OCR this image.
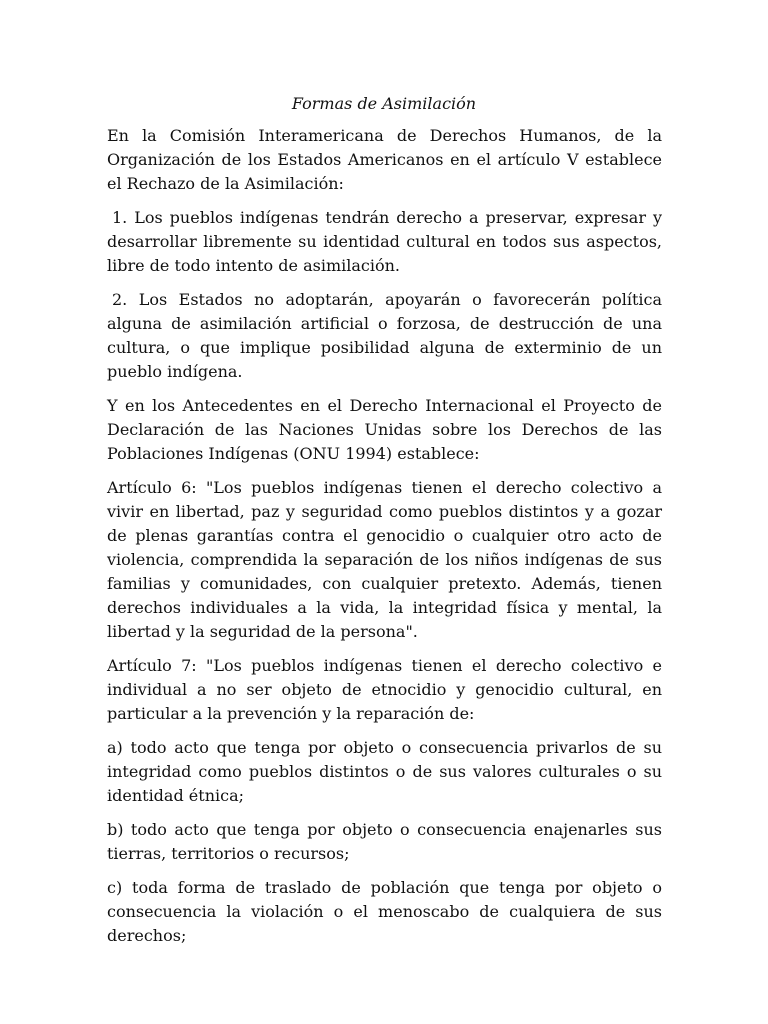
Formas de Asimilación

En la Comisión Interamericana de Derechos Humanos, de la Organización de los Estados Americanos en el artículo V establece el Rechazo de la Asimilación:

1. Los pueblos indígenas tendrán derecho a preservar, expresar y desarrollar libremente su identidad cultural en todos sus aspectos, libre de todo intento de asimilación.

2. Los Estados no adoptarán, apoyarán o favorecerán política alguna de asimilación artificial o forzosa, de destrucción de una cultura, o que implique posibilidad alguna de exterminio de un pueblo indígena.

Y en los Antecedentes en el Derecho Internacional el Proyecto de Declaración de las Naciones Unidas sobre los Derechos de las Poblaciones Indígenas (ONU 1994) establece:

Artículo 6: "Los pueblos indígenas tienen el derecho colectivo a vivir en libertad, paz y seguridad como pueblos distintos y a gozar de plenas garantías contra el genocidio o cualquier otro acto de violencia, comprendida la separación de los niños indígenas de sus familias y comunidades, con cualquier pretexto. Además, tienen derechos individuales a la vida, la integridad física y mental, la libertad y la seguridad de la persona".

Artículo 7: "Los pueblos indígenas tienen el derecho colectivo e individual a no ser objeto de etnocidio y genocidio cultural, en particular a la prevención y la reparación de:

a) todo acto que tenga por objeto o consecuencia privarlos de su integridad como pueblos distintos o de sus valores culturales o su identidad étnica;

b) todo acto que tenga por objeto o consecuencia enajenarles sus tierras, territorios o recursos;

c) toda forma de traslado de población que tenga por objeto o consecuencia la violación o el menoscabo de cualquiera de sus derechos;
